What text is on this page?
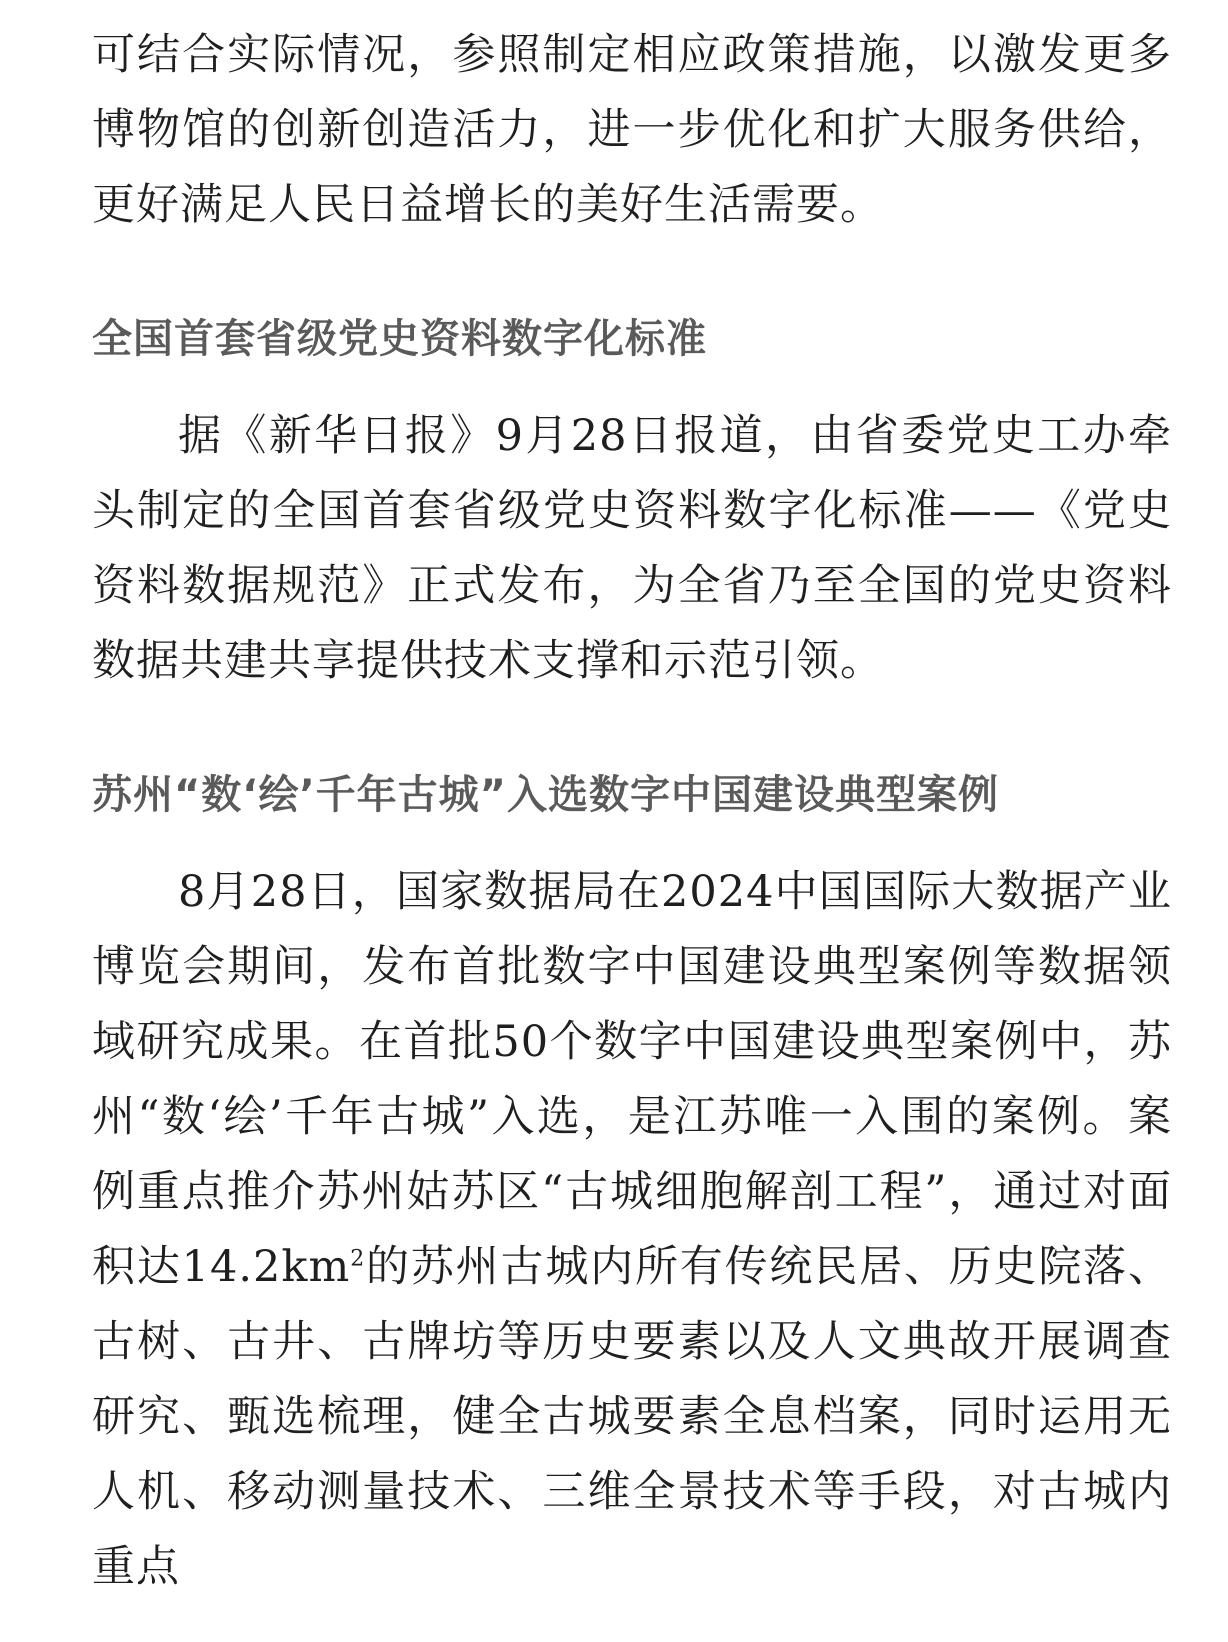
可结合实际情况，参照制定相应政策措施，以激发更多博物馆的创新创造活力，进一步优化和扩大服务供给，更好满足人民日益增长的美好生活需要。

全国首套省级党史资料数字化标准

据《新华日报》9月28日报道，由省委党史工办牵头制定的全国首套省级党史资料数字化标准——《党史资料数据规范》正式发布，为全省乃至全国的党史资料数据共建共享提供技术支撑和示范引领。

苏州“数‘绘’千年古城”入选数字中国建设典型案例

8月28日，国家数据局在2024中国国际大数据产业博览会期间，发布首批数字中国建设典型案例等数据领域研究成果。在首批50个数字中国建设典型案例中，苏州“数‘绘’千年古城”入选，是江苏唯一入围的案例。案例重点推介苏州姑苏区“古城细胞解剖工程”，通过对面积达$14.2km^2$的苏州古城内所有传统民居、历史院落、古树、古井、古牌坊等历史要素以及人文典故开展调查研究、甄选梳理，健全古城要素全息档案，同时运用无人机、移动测量技术、三维全景技术等手段，对古城内重点
